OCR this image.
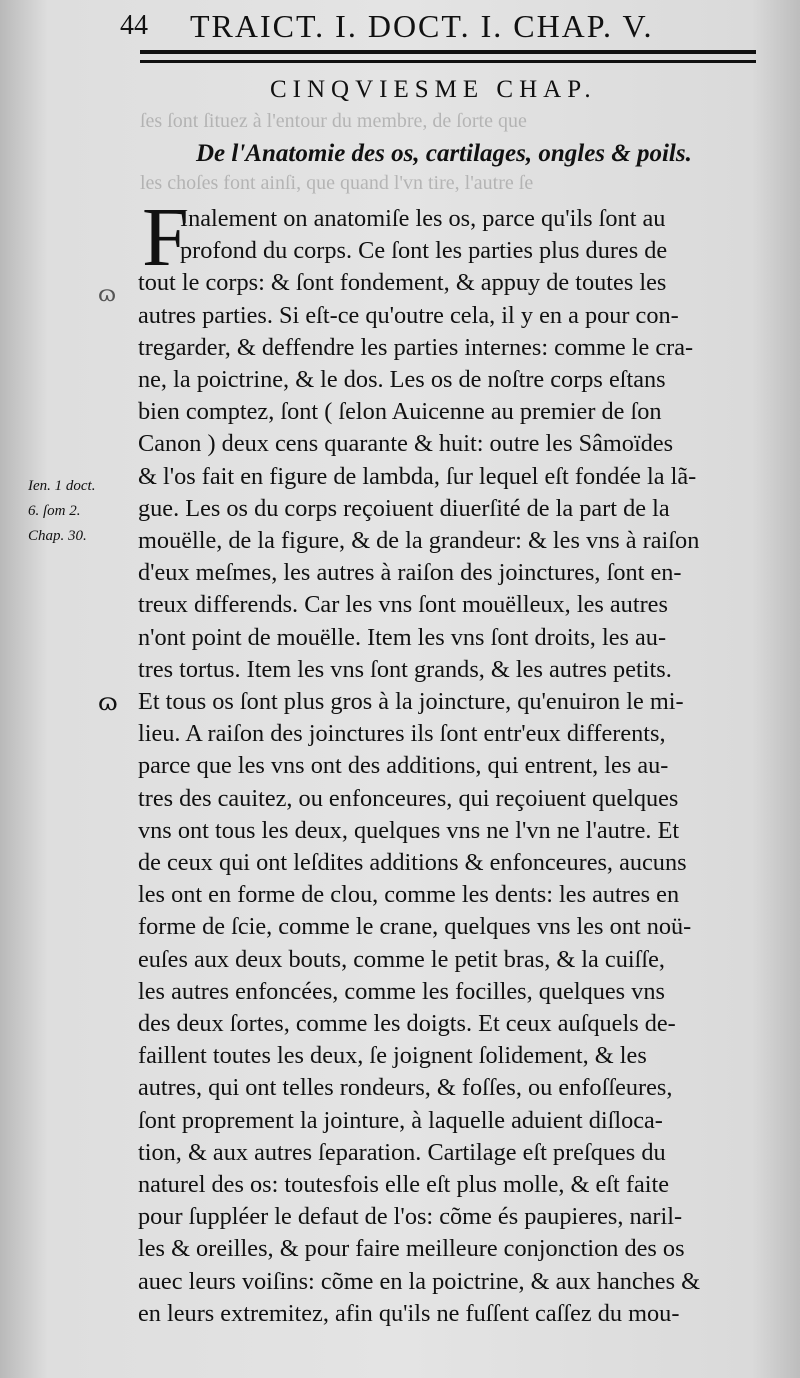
44 TRAICT. I. DOCT. I. CHAP. V.
ſes ſont ſituez à l'entour du membre, de ſorte que
les choſes font ainſi, que quand l'vn tire, l'autre ſe
CINQVIESME CHAP.
De l'Anatomie des os, cartilages, ongles & poils.
F
Inalement on anatomiſe les os, parce qu'ils ſont au
profond du corps. Ce ſont les parties plus dures de
tout le corps: & ſont fondement, & appuy de toutes les
autres parties. Si eſt-ce qu'outre cela, il y en a pour con-
tregarder, & deffendre les parties internes: comme le cra-
ne, la poictrine, & le dos. Les os de noſtre corps eſtans
bien comptez, ſont ( ſelon Auicenne au premier de ſon
Canon ) deux cens quarante & huit: outre les Sâmoïdes
& l'os fait en figure de lambda, ſur lequel eſt fondée la lã-
gue. Les os du corps reçoiuent diuerſité de la part de la
mouëlle, de la figure, & de la grandeur: & les vns à raiſon
d'eux meſmes, les autres à raiſon des joinctures, ſont en-
treux differends. Car les vns ſont mouëlleux, les autres
n'ont point de mouëlle. Item les vns ſont droits, les au-
tres tortus. Item les vns ſont grands, & les autres petits.
Et tous os ſont plus gros à la joincture, qu'enuiron le mi-
lieu. A raiſon des joinctures ils ſont entr'eux differents,
parce que les vns ont des additions, qui entrent, les au-
tres des cauitez, ou enfonceures, qui reçoiuent quelques
vns ont tous les deux, quelques vns ne l'vn ne l'autre. Et
de ceux qui ont leſdites additions & enfonceures, aucuns
les ont en forme de clou, comme les dents: les autres en
forme de ſcie, comme le crane, quelques vns les ont noü-
euſes aux deux bouts, comme le petit bras, & la cuiſſe,
les autres enfoncées, comme les focilles, quelques vns
des deux ſortes, comme les doigts. Et ceux auſquels de-
faillent toutes les deux, ſe joignent ſolidement, & les
autres, qui ont telles rondeurs, & foſſes, ou enfoſſeures,
ſont proprement la jointure, à laquelle aduient diſloca-
tion, & aux autres ſeparation. Cartilage eſt preſques du
naturel des os: toutesfois elle eſt plus molle, & eſt faite
pour ſuppléer le defaut de l'os: cõme és paupieres, naril-
les & oreilles, & pour faire meilleure conjonction des os
auec leurs voiſins: cõme en la poictrine, & aux hanches &
en leurs extremitez, afin qu'ils ne fuſſent caſſez du mou-
Ien. 1 doct.
6. ſom 2.
Chap. 30.
ɷ
ɷ
